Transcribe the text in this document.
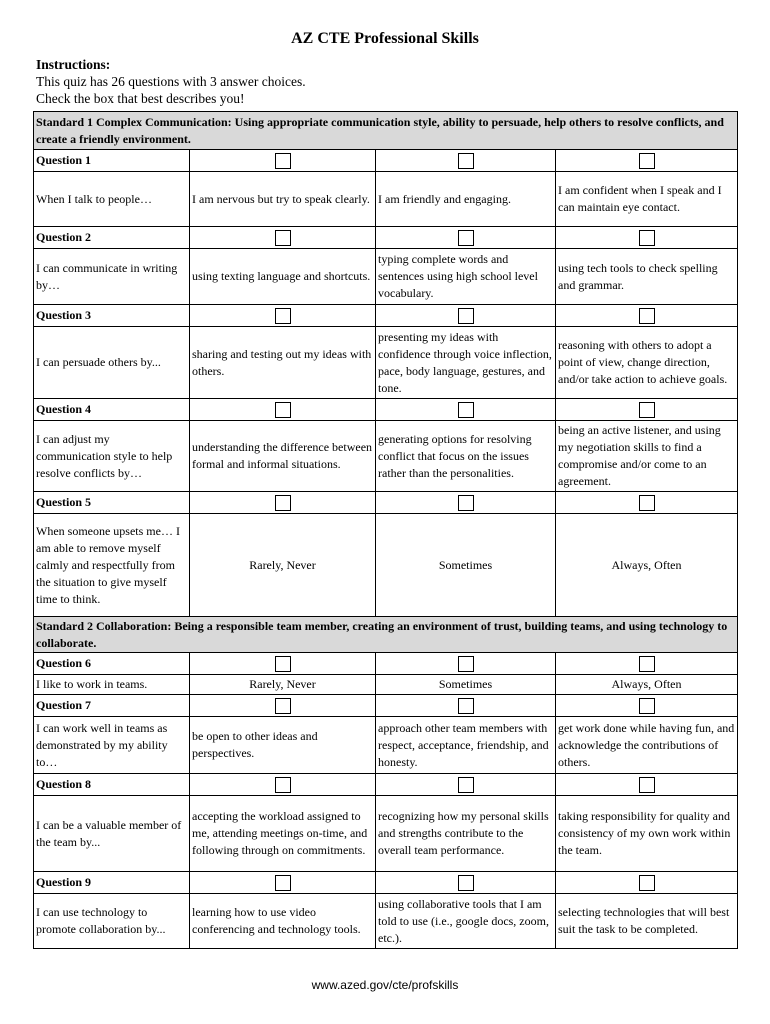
AZ CTE Professional Skills
Instructions:
This quiz has 26 questions with 3 answer choices.
Check the box that best describes you!
Standard 1 Complex Communication: Using appropriate communication style, ability to persuade, help others to resolve conflicts, and create a friendly environment.			
Question 1			
When I talk to people…	I am nervous but try to speak clearly.	I am friendly and engaging.	I am confident when I speak and I can maintain eye contact.
Question 2			
I can communicate in writing by…	using texting language and shortcuts.	typing complete words and sentences using high school level vocabulary.	using tech tools to check spelling and grammar.
Question 3			
I can persuade others by...	sharing and testing out my ideas with others.	presenting my ideas with confidence through voice inflection, pace, body language, gestures, and tone.	reasoning with others to adopt a point of view, change direction, and/or take action to achieve goals.
Question 4			
I can adjust my communication style to help resolve conflicts by…	understanding the difference between formal and informal situations.	generating options for resolving conflict that focus on the issues rather than the personalities.	being an active listener, and using my negotiation skills to find a compromise and/or come to an agreement.
Question 5			
When someone upsets me… I am able to remove myself calmly and respectfully from the situation to give myself time to think.	Rarely, Never	Sometimes	Always, Often
Standard 2 Collaboration: Being a responsible team member, creating an environment of trust, building teams, and using technology to collaborate.			
Question 6			
I like to work in teams.	Rarely, Never	Sometimes	Always, Often
Question 7			
I can work well in teams as demonstrated by my ability to…	be open to other ideas and perspectives.	approach other team members with respect, acceptance, friendship, and honesty.	get work done while having fun, and acknowledge the contributions of others.
Question 8			
I can be a valuable member of the team by...	accepting the workload assigned to me, attending meetings on-time, and following through on commitments.	recognizing how my personal skills and strengths contribute to the overall team performance.	taking responsibility for quality and consistency of my own work within the team.
Question 9			
I can use technology to promote collaboration by...	learning how to use video conferencing and technology tools.	using collaborative tools that I am told to use (i.e., google docs, zoom, etc.).	selecting technologies that will best suit the task to be completed.
www.azed.gov/cte/profskills
